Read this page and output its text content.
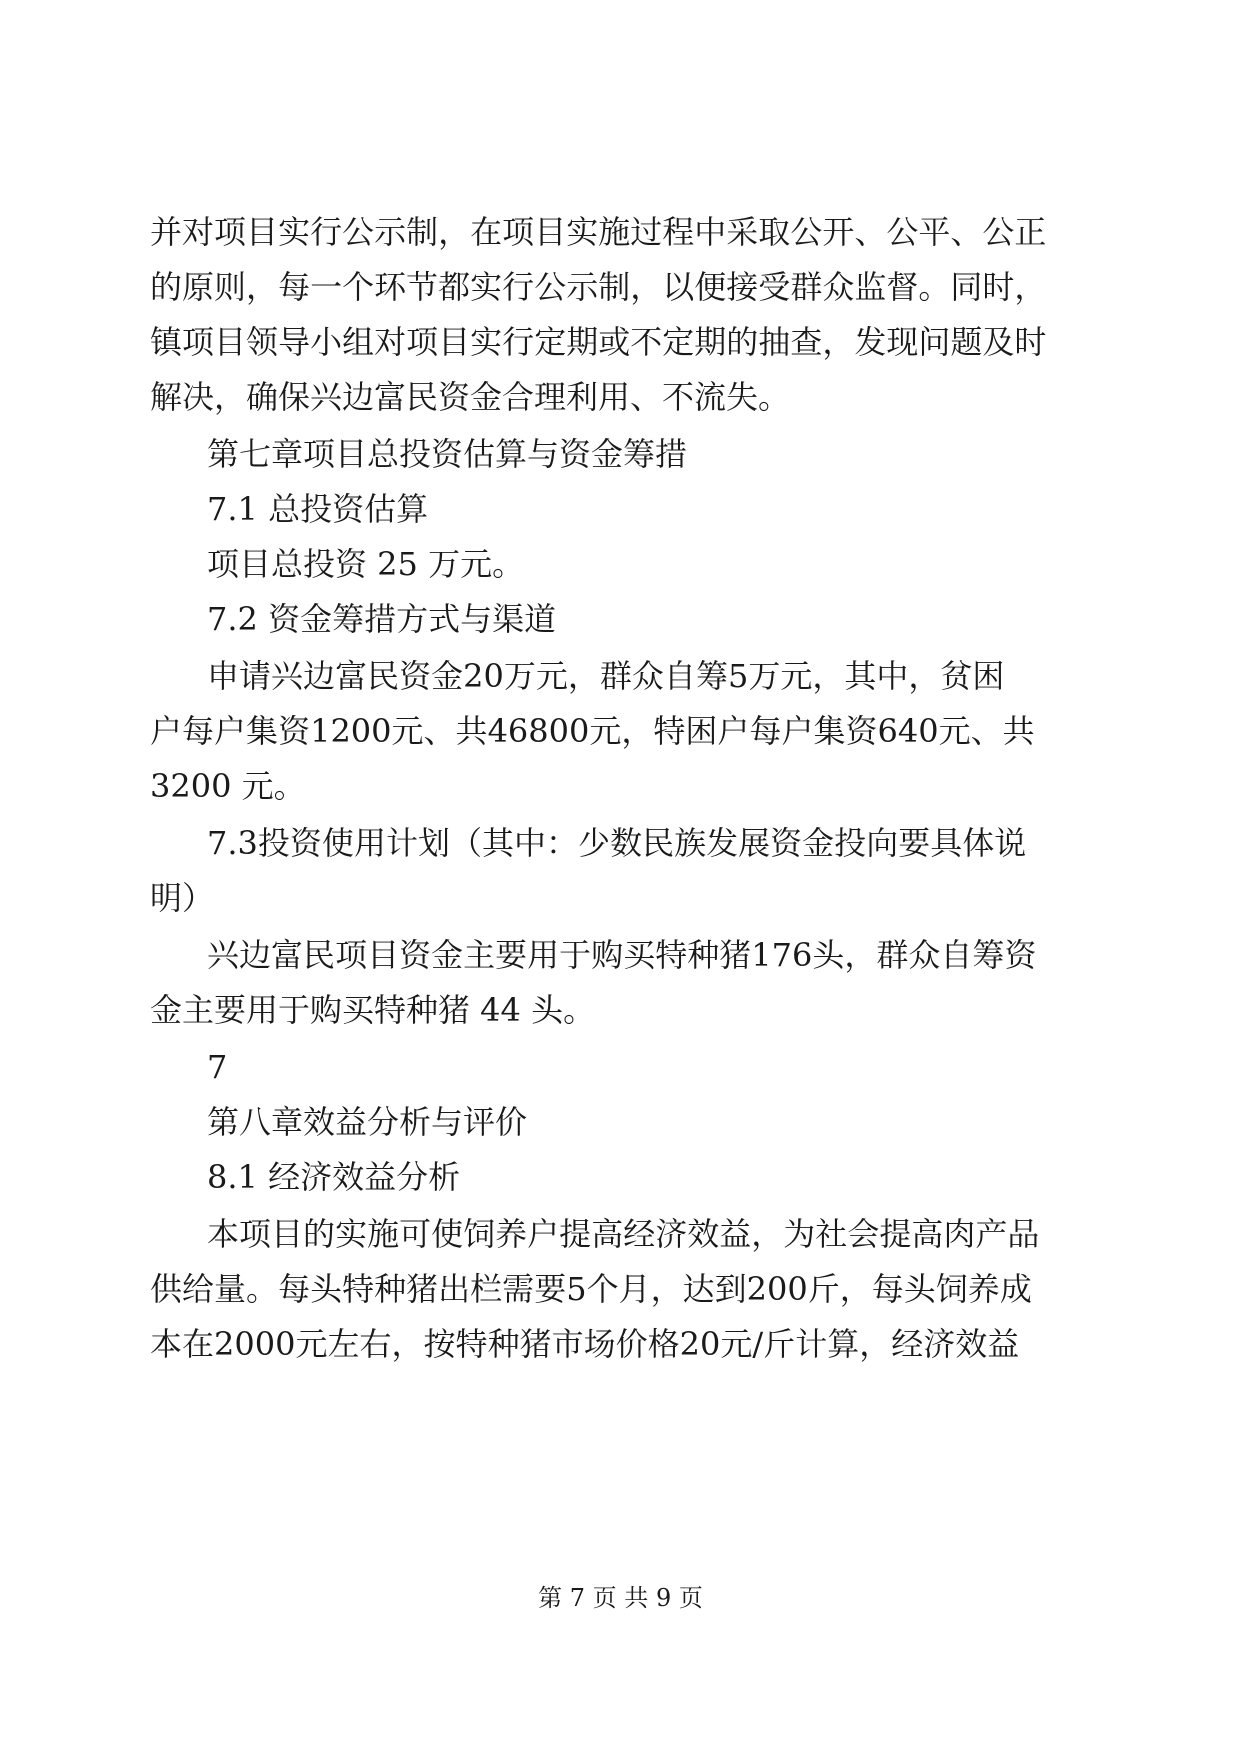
并 对 项 目 实 行 公 示 制 ， 在 项 目 实 施 过 程 中 采 取 公 开 、 公 平 、 公 正
的 原 则 ， 每 一 个 环 节 都 实 行 公 示 制 ， 以 便 接 受 群 众 监 督 。 同 时 ，
镇 项 目 领 导 小 组 对 项 目 实 行 定 期 或 不 定 期 的 抽 查 ， 发 现 问 题 及 时
解决，确保兴边富民资金合理利用、不流失。
第七章项目总投资估算与资金筹措
7.1 总投资估算
项目总投资 25 万元。
7.2 资金筹措方式与渠道
申 请 兴 边 富 民 资 金 20 万 元 ， 群 众 自 筹 5 万 元 ， 其 中 ， 贫 困
户 每 户 集 资 1200 元 、 共 46800 元 ， 特 困 户 每 户 集 资 640 元 、 共
3200 元。
7.3 投 资 使 用 计 划 （ 其 中 ： 少 数 民 族 发 展 资 金 投 向 要 具 体 说
明）
兴 边 富 民 项 目 资 金 主 要 用 于 购 买 特 种 猪 176 头 ， 群 众 自 筹 资
金主要用于购买特种猪 44 头。
7
第八章效益分析与评价
8.1 经济效益分析
本 项 目 的 实 施 可 使 饲 养 户 提 高 经 济 效 益 ， 为 社 会 提 高 肉 产 品
供 给 量 。 每 头 特 种 猪 出 栏 需 要 5 个 月 ， 达 到 200 斤 ， 每 头 饲 养 成
本 在 2000 元 左 右 ， 按 特 种 猪 市 场 价 格 20 元 / 斤 计 算 ， 经 济 效 益
第 7 页 共 9 页
